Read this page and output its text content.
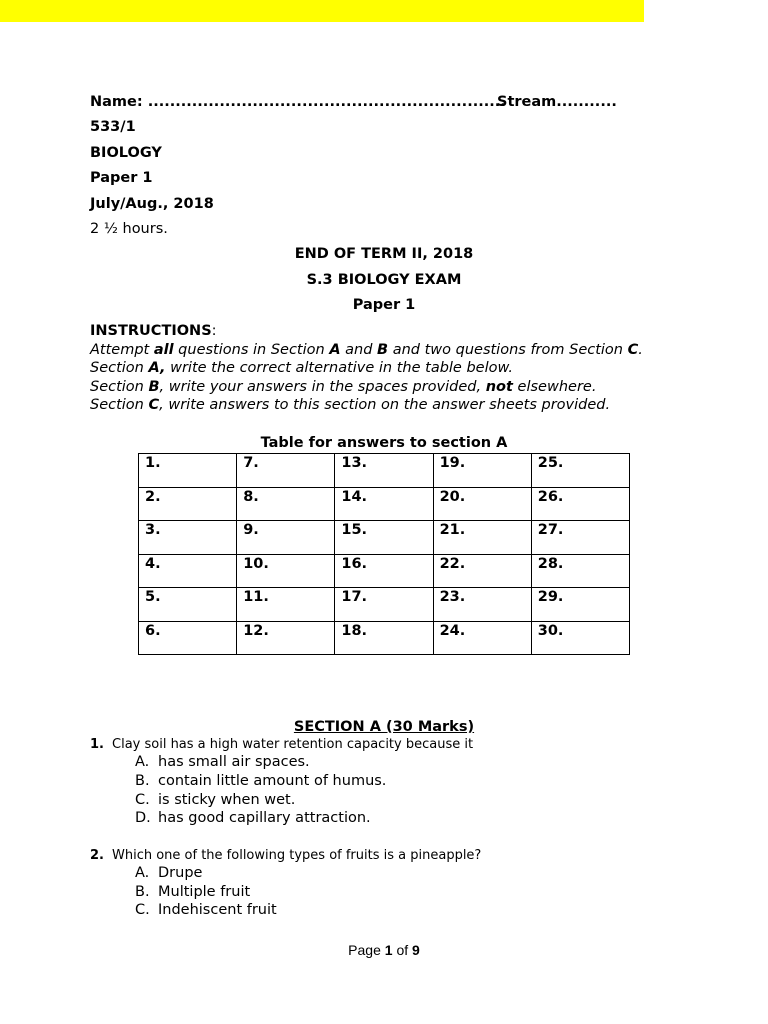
Name: .................................................................
Stream...........
533/1
BIOLOGY
Paper 1
July/Aug., 2018
2 ½ hours.
END OF TERM II, 2018
S.3 BIOLOGY EXAM
Paper 1
INSTRUCTIONS:
Attempt all questions in Section A and B and two questions from Section C.
Section A, write the correct alternative in the table below.
Section B, write your answers in the spaces provided, not elsewhere.
Section C, write answers to this section on the answer sheets provided.
Table for answers to section A
1.	7.	13.	19.	25.
2.	8.	14.	20.	26.
3.	9.	15.	21.	27.
4.	10.	16.	22.	28.
5.	11.	17.	23.	29.
6.	12.	18.	24.	30.
SECTION A (30 Marks)
1. Clay soil has a high water retention capacity because it
A. has small air spaces.
B. contain little amount of humus.
C. is sticky when wet.
D. has good capillary attraction.
2. Which one of the following types of fruits is a pineapple?
A. Drupe
B. Multiple fruit
C. Indehiscent fruit
Page 1 of 9
